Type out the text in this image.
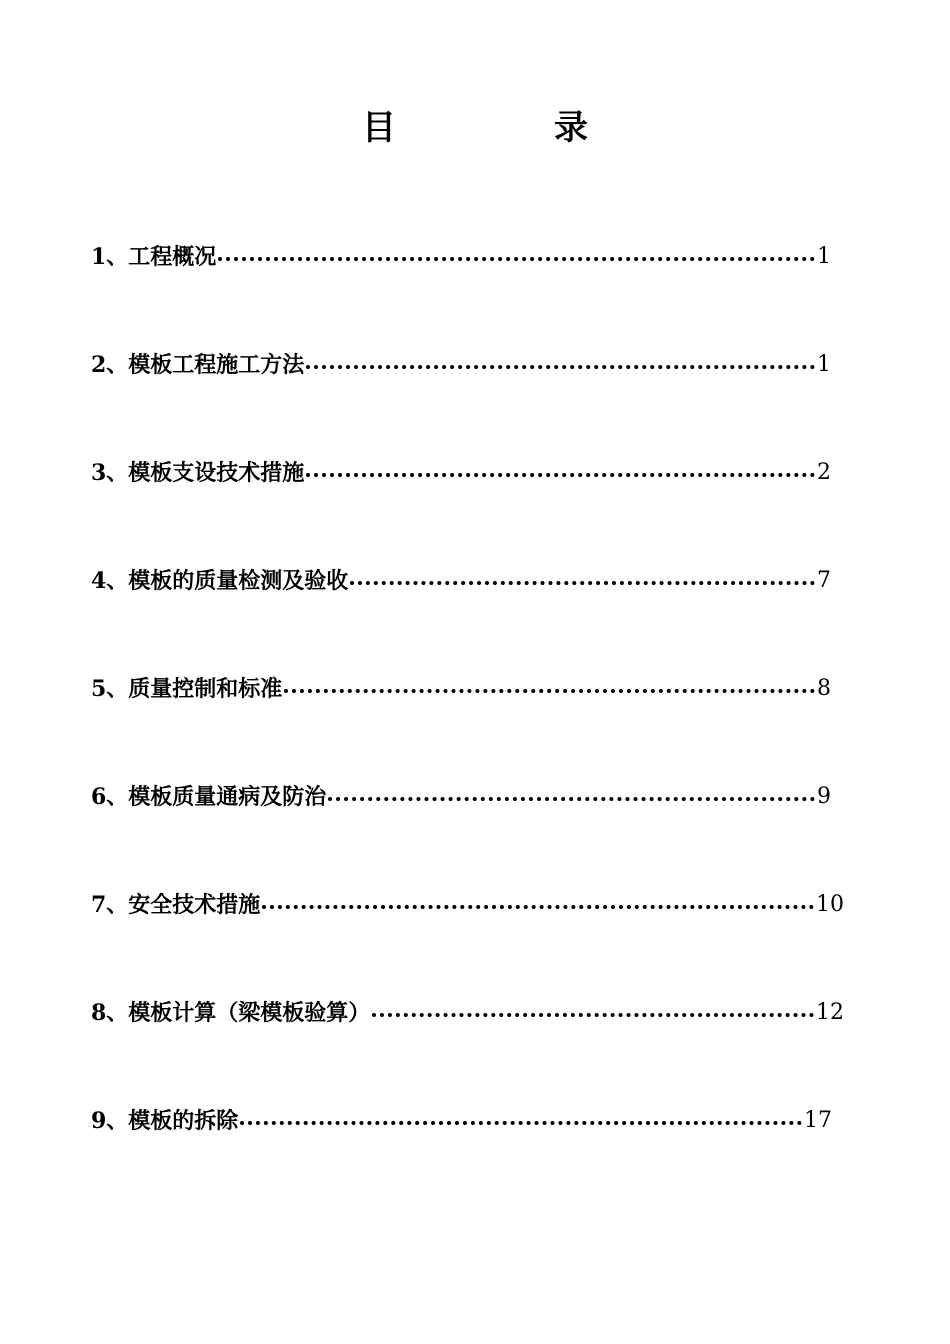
目　录
1、工程概况	1
2、模板工程施工方法	1
3、模板支设技术措施	2
4、模板的质量检测及验收	7
5、质量控制和标准	8
6、模板质量通病及防治	9
7、安全技术措施	10
8、模板计算（梁模板验算）	12
9、模板的拆除	17
